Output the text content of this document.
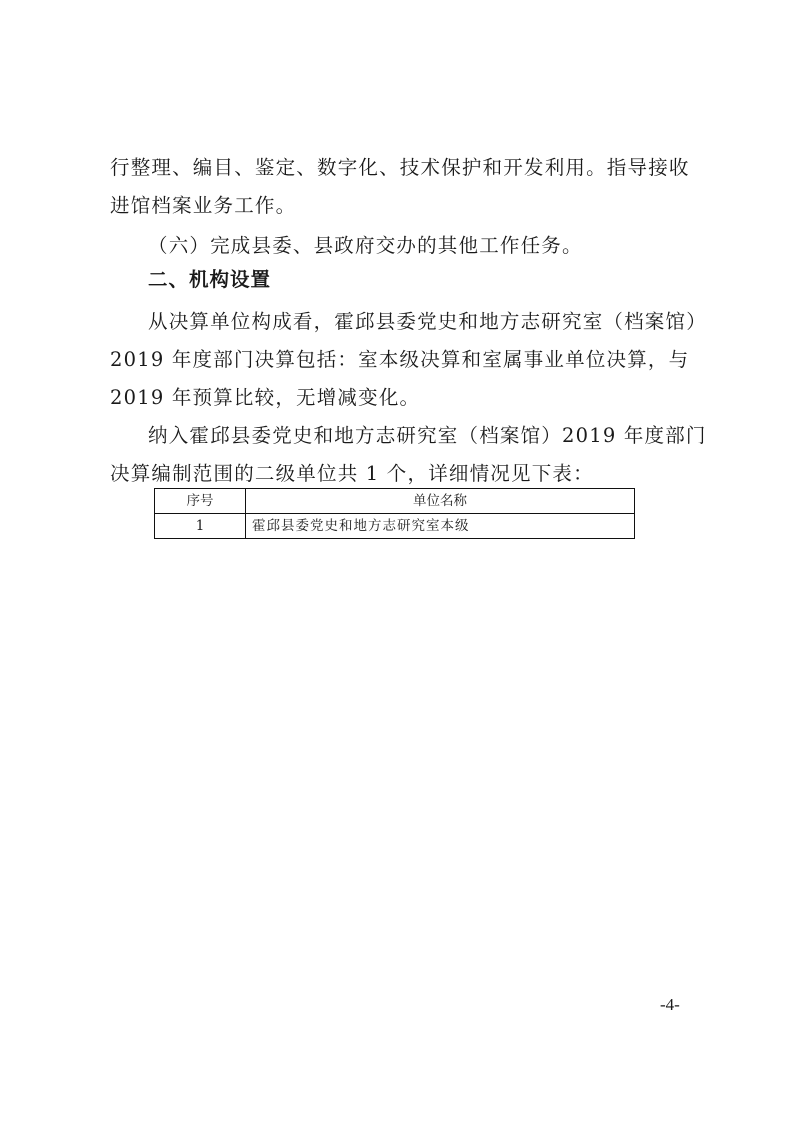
行整理、编目、鉴定、数字化、技术保护和开发利用。指导接收
进馆档案业务工作。
（六）完成县委、县政府交办的其他工作任务。
二、机构设置
从决算单位构成看，霍邱县委党史和地方志研究室（档案馆）
2019 年度部门决算包括：室本级决算和室属事业单位决算，与
2019 年预算比较，无增减变化。
纳入霍邱县委党史和地方志研究室（档案馆）2019 年度部门
决算编制范围的二级单位共 1 个，详细情况见下表：
序号	单位名称
1	霍邱县委党史和地方志研究室本级
-4-
